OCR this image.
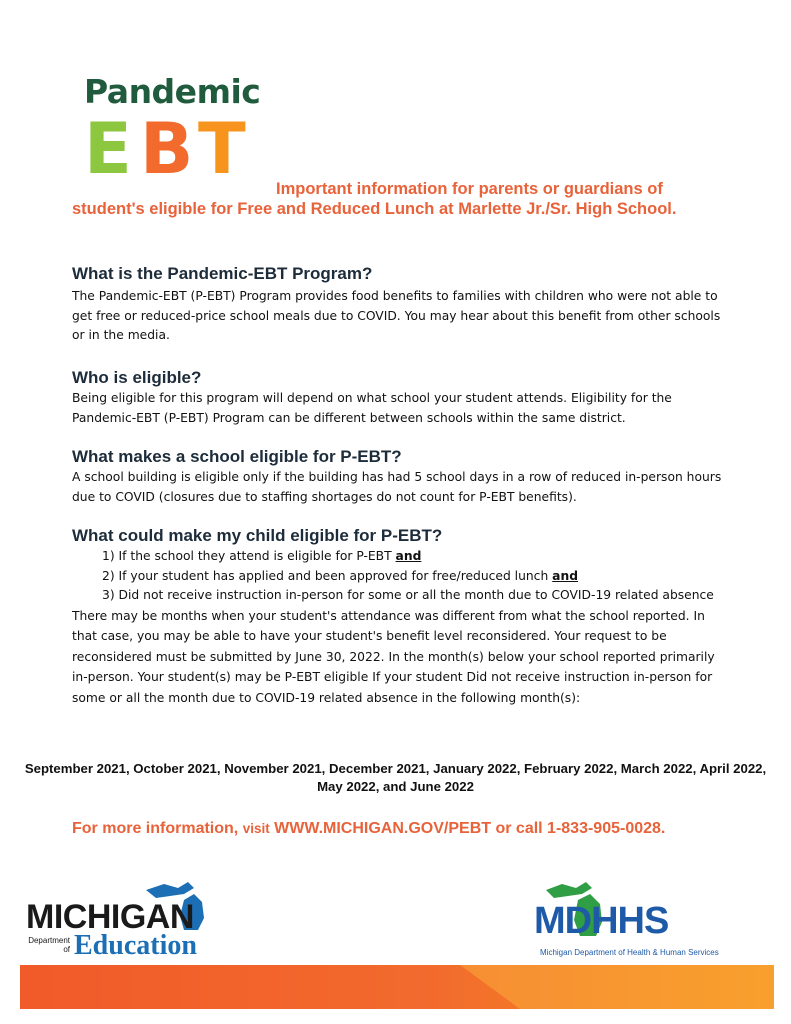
Pandemic
E B T Important information for parents or guardians of
student's eligible for Free and Reduced Lunch at Marlette Jr./Sr. High School.
What is the Pandemic-EBT Program?

The Pandemic-EBT (P-EBT) Program provides food benefits to families with children who were not able to get free or reduced-price school meals due to COVID. You may hear about this benefit from other schools or in the media.

Who is eligible?

Being eligible for this program will depend on what school your student attends. Eligibility for the Pandemic-EBT (P-EBT) Program can be different between schools within the same district.

What makes a school eligible for P-EBT?

A school building is eligible only if the building has had 5 school days in a row of reduced in-person hours due to COVID (closures due to staffing shortages do not count for P-EBT benefits).

What could make my child eligible for P-EBT?
1) If the school they attend is eligible for P-EBT and
2) If your student has applied and been approved for free/reduced lunch and
3) Did not receive instruction in-person for some or all the month due to COVID-19 related absence

There may be months when your student's attendance was different from what the school reported. In that case, you may be able to have your student's benefit level reconsidered. Your request to be reconsidered must be submitted by June 30, 2022. In the month(s) below your school reported primarily in-person. Your student(s) may be P-EBT eligible If your student Did not receive instruction in-person for some or all the month due to COVID-19 related absence in the following month(s):

September 2021, October 2021, November 2021, December 2021, January 2022, February 2022, March 2022, April 2022, May 2022, and June 2022
For more information, visit WWW.MICHIGAN.GOV/PEBT or call 1-833-905-0028.
MICHIGAN
Department of Education
MDHHS
Michigan Department of Health & Human Services
